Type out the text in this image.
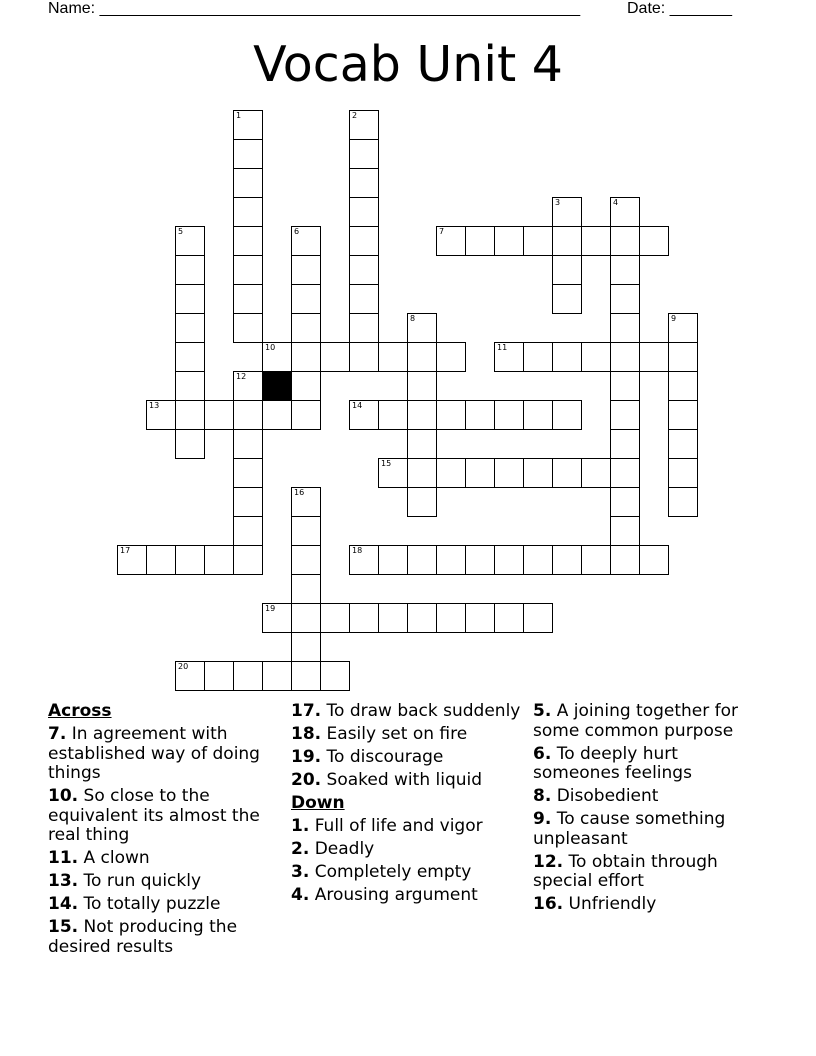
Name: ______________________________________________________	Date: _______
Vocab Unit 4
1	2
3	4
5	6	7
8	9
10	11
12
13	14
15
16
17	18
19
20
Across
7. In agreement with established way of doing things
10. So close to the equivalent its almost the real thing
11. A clown
13. To run quickly
14. To totally puzzle
15. Not producing the desired results
17. To draw back suddenly
18. Easily set on fire
19. To discourage
20. Soaked with liquid
Down
1. Full of life and vigor
2. Deadly
3. Completely empty
4. Arousing argument
5. A joining together for some common purpose
6. To deeply hurt someones feelings
8. Disobedient
9. To cause something unpleasant
12. To obtain through special effort
16. Unfriendly
